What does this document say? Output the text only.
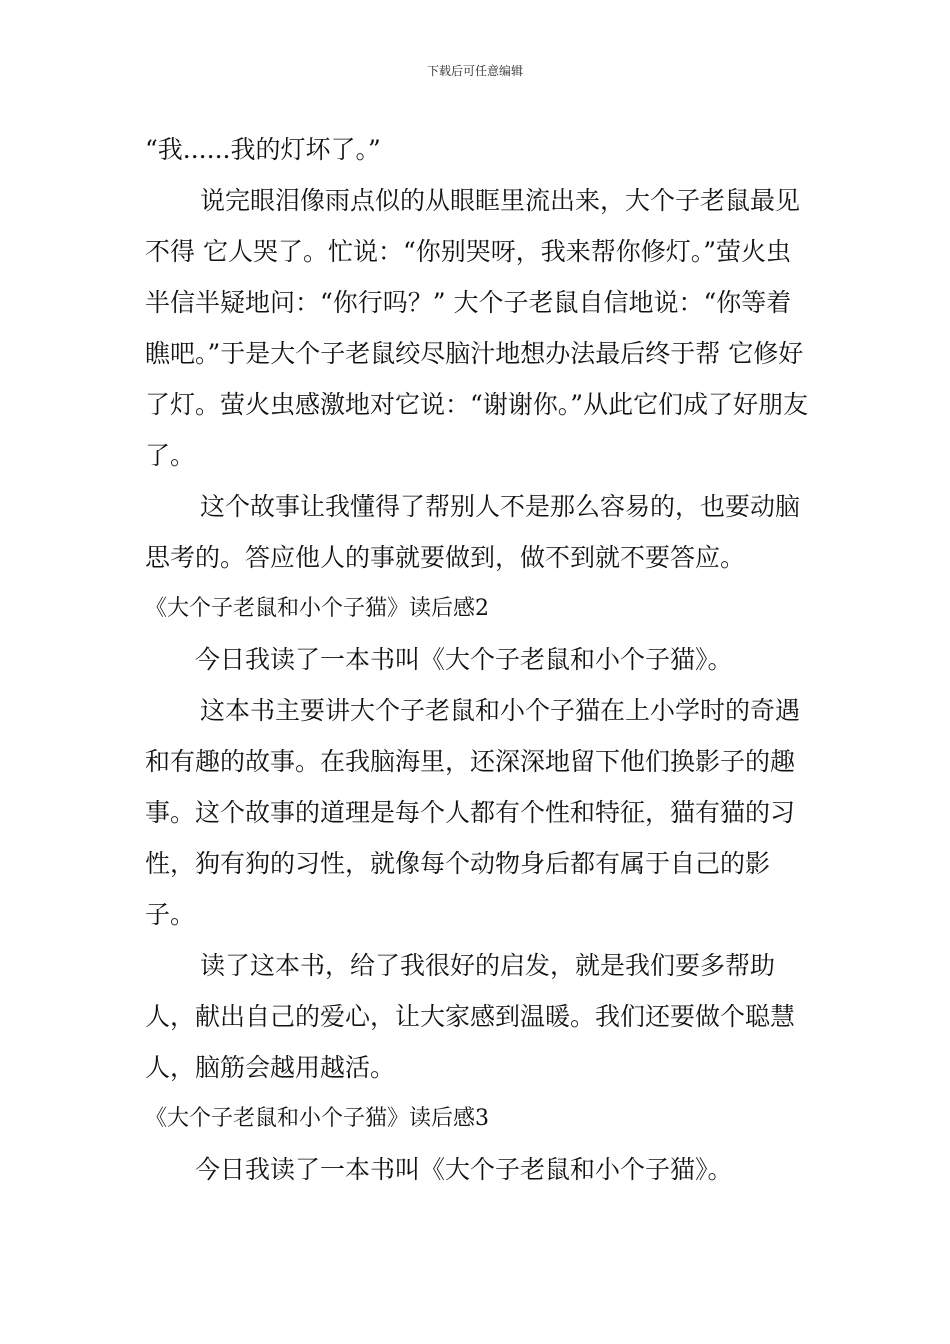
下载后可任意编辑

“我......我的灯坏了。”

说完眼泪像雨点似的从眼眶里流出来，大个子老鼠最见不得 它人哭了。忙说：“你别哭呀，我来帮你修灯。”萤火虫 半信半疑地问：“你行吗？” 大个子老鼠自信地说：“你等着瞧吧。”于是大个子老鼠绞尽脑汁地想办法最后终于帮 它修好了灯。萤火虫感激地对它说：“谢谢你。”从此它们成了好朋友了。

这个故事让我懂得了帮别人不是那么容易的，也要动脑思考的。答应他人的事就要做到，做不到就不要答应。

《大个子老鼠和小个子猫》读后感2

今日我读了一本书叫《大个子老鼠和小个子猫》。

这本书主要讲大个子老鼠和小个子猫在上小学时的奇遇和有趣的故事。在我脑海里，还深深地留下他们换影子的趣事。这个故事的道理是每个人都有个性和特征，猫有猫的习性，狗有狗的习性，就像每个动物身后都有属于自己的影子。

读了这本书，给了我很好的启发，就是我们要多帮助人，献出自己的爱心，让大家感到温暖。我们还要做个聪慧人，脑筋会越用越活。

《大个子老鼠和小个子猫》读后感3

今日我读了一本书叫《大个子老鼠和小个子猫》。
